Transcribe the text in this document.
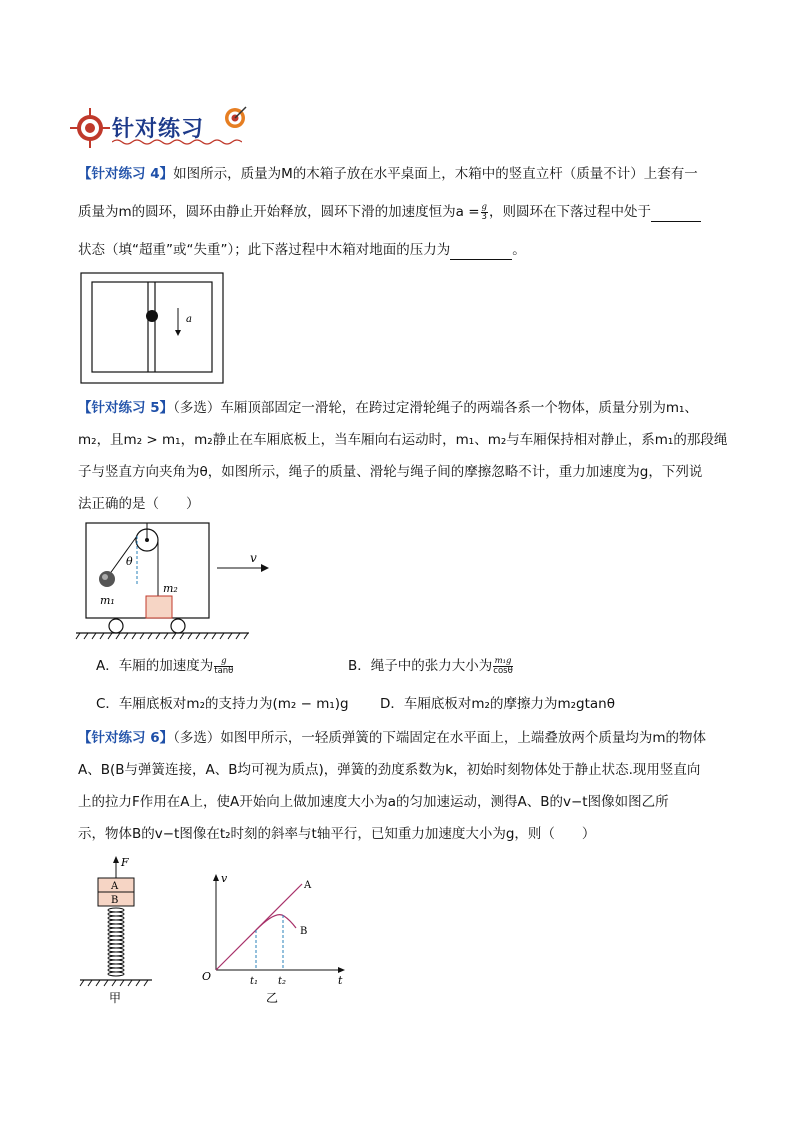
针对练习
【针对练习 4】如图所示，质量为M的木箱子放在水平桌面上，木箱中的竖直立杆（质量不计）上套有一
质量为m的圆环，圆环由静止开始释放，圆环下滑的加速度恒为$a = \frac{g}{3}$ ，则圆环在下落过程中处于
状态（填“超重”或“失重”）；此下落过程中木箱对地面的压力为	。
a
【针对练习 5】（多选）车厢顶部固定一滑轮，在跨过定滑轮绳子的两端各系一个物体，质量分别为m₁、
m₂，且m₂ > m₁，m₂静止在车厢底板上，当车厢向右运动时，m₁、m₂与车厢保持相对静止，系m₁的那段绳
子与竖直方向夹角为θ，如图所示，绳子的质量、滑轮与绳子间的摩擦忽略不计，重力加速度为g，下列说
法正确的是（　　）
θ
m₁
m₂
v
A．车厢的加速度为 $\frac{g}{\tan\theta}$	B．绳子中的张力大小为 $\frac{\text{m₁g}}{\cos\theta}$
C．车厢底板对m₂的支持力为(m₂ − m₁)g D．车厢底板对m₂的摩擦力为m₂gtanθ
【针对练习 6】（多选）如图甲所示，一轻质弹簧的下端固定在水平面上，上端叠放两个质量均为m的物体
A、B(B与弹簧连接，A、B均可视为质点)，弹簧的劲度系数为k，初始时刻物体处于静止状态.现用竖直向
上的拉力F作用在A上，使A开始向上做加速度大小为a的匀加速运动，测得A、B的v−t图像如图乙所
示，物体B的v−t图像在t₂时刻的斜率与t轴平行，已知重力加速度大小为g，则（　　）
F
A
B
甲
v
t
O	t₁ t₂
A
B
乙
